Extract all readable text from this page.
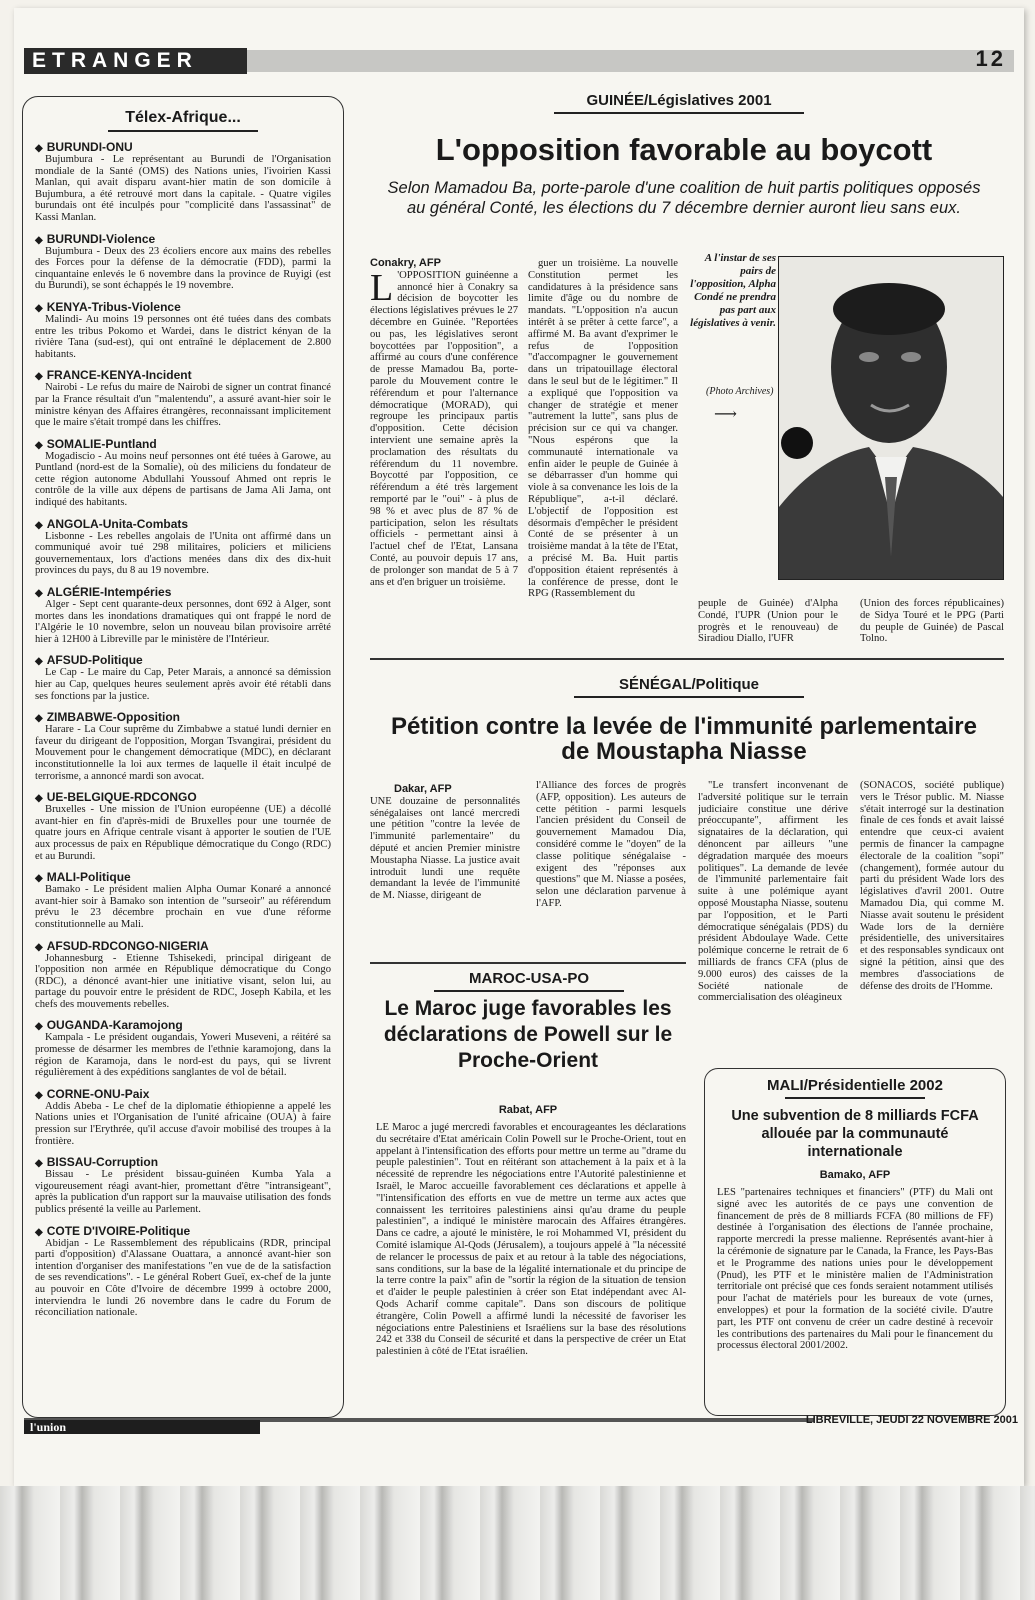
ETRANGER	12
Télex-Afrique...
◆ BURUNDI-ONU

Bujumbura - Le représentant au Burundi de l'Organisation mondiale de la Santé (OMS) des Nations unies, l'ivoirien Kassi Manlan, qui avait disparu avant-hier matin de son domicile à Bujumbura, a été retrouvé mort dans la capitale. - Quatre vigiles burundais ont été inculpés pour "complicité dans l'assassinat" de Kassi Manlan.

◆ BURUNDI-Violence

Bujumbura - Deux des 23 écoliers encore aux mains des rebelles des Forces pour la défense de la démocratie (FDD), parmi la cinquantaine enlevés le 6 novembre dans la province de Ruyigi (est du Burundi), se sont échappés le 19 novembre.

◆ KENYA-Tribus-Violence

Malindi- Au moins 19 personnes ont été tuées dans des combats entre les tribus Pokomo et Wardei, dans le district kényan de la rivière Tana (sud-est), qui ont entraîné le déplacement de 2.800 habitants.

◆ FRANCE-KENYA-Incident

Nairobi - Le refus du maire de Nairobi de signer un contrat financé par la France résultait d'un "malentendu", a assuré avant-hier soir le ministre kényan des Affaires étrangères, reconnaissant implicitement que le maire s'était trompé dans les chiffres.

◆ SOMALIE-Puntland

Mogadiscio - Au moins neuf personnes ont été tuées à Garowe, au Puntland (nord-est de la Somalie), où des miliciens du fondateur de cette région autonome Abdullahi Youssouf Ahmed ont repris le contrôle de la ville aux dépens de partisans de Jama Ali Jama, ont indiqué des habitants.

◆ ANGOLA-Unita-Combats

Lisbonne - Les rebelles angolais de l'Unita ont affirmé dans un communiqué avoir tué 298 militaires, policiers et miliciens gouvernementaux, lors d'actions menées dans dix des dix-huit provinces du pays, du 8 au 19 novembre.

◆ ALGÉRIE-Intempéries

Alger - Sept cent quarante-deux personnes, dont 692 à Alger, sont mortes dans les inondations dramatiques qui ont frappé le nord de l'Algérie le 10 novembre, selon un nouveau bilan provisoire arrêté hier à 12H00 à Libreville par le ministère de l'Intérieur.

◆ AFSUD-Politique

Le Cap - Le maire du Cap, Peter Marais, a annoncé sa démission hier au Cap, quelques heures seulement après avoir été rétabli dans ses fonctions par la justice.

◆ ZIMBABWE-Opposition

Harare - La Cour suprême du Zimbabwe a statué lundi dernier en faveur du dirigeant de l'opposition, Morgan Tsvangirai, président du Mouvement pour le changement démocratique (MDC), en déclarant inconstitutionnelle la loi aux termes de laquelle il était inculpé de terrorisme, a annoncé mardi son avocat.

◆ UE-BELGIQUE-RDCONGO

Bruxelles - Une mission de l'Union européenne (UE) a décollé avant-hier en fin d'après-midi de Bruxelles pour une tournée de quatre jours en Afrique centrale visant à apporter le soutien de l'UE aux processus de paix en République démocratique du Congo (RDC) et au Burundi.

◆ MALI-Politique

Bamako - Le président malien Alpha Oumar Konaré a annoncé avant-hier soir à Bamako son intention de "surseoir" au référendum prévu le 23 décembre prochain en vue d'une réforme constitutionnelle au Mali.

◆ AFSUD-RDCONGO-NIGERIA

Johannesburg - Etienne Tshisekedi, principal dirigeant de l'opposition non armée en République démocratique du Congo (RDC), a dénoncé avant-hier une initiative visant, selon lui, au partage du pouvoir entre le président de RDC, Joseph Kabila, et les chefs des mouvements rebelles.

◆ OUGANDA-Karamojong

Kampala - Le président ougandais, Yoweri Museveni, a réitéré sa promesse de désarmer les membres de l'ethnie karamojong, dans la région de Karamoja, dans le nord-est du pays, qui se livrent régulièrement à des expéditions sanglantes de vol de bétail.

◆ CORNE-ONU-Paix

Addis Abeba - Le chef de la diplomatie éthiopienne a appelé les Nations unies et l'Organisation de l'unité africaine (OUA) à faire pression sur l'Erythrée, qu'il accuse d'avoir mobilisé des troupes à la frontière.

◆ BISSAU-Corruption

Bissau - Le président bissau-guinéen Kumba Yala a vigoureusement réagi avant-hier, promettant d'être "intransigeant", après la publication d'un rapport sur la mauvaise utilisation des fonds publics présenté la veille au Parlement.

◆ COTE D'IVOIRE-Politique

Abidjan - Le Rassemblement des républicains (RDR, principal parti d'opposition) d'Alassane Ouattara, a annoncé avant-hier son intention d'organiser des manifestations "en vue de de la satisfaction de ses revendications". - Le général Robert Gueï, ex-chef de la junte au pouvoir en Côte d'Ivoire de décembre 1999 à octobre 2000, interviendra le lundi 26 novembre dans le cadre du Forum de réconciliation nationale.

GUINÉE/Législatives 2001
L'opposition favorable au boycott
Selon Mamadou Ba, porte-parole d'une coalition de huit partis politiques opposés au général Conté, les élections du 7 décembre dernier auront lieu sans eux.

Conakry, AFP

L 'OPPOSITION guinéenne a annoncé hier à Conakry sa décision de boycotter les élections législatives prévues le 27 décembre en Guinée. "Reportées ou pas, les législatives seront boycottées par l'opposition", a affirmé au cours d'une conférence de presse Mamadou Ba, porte-parole du Mouvement contre le référendum et pour l'alternance démocratique (MORAD), qui regroupe les principaux partis d'opposition. Cette décision intervient une semaine après la proclamation des résultats du référendum du 11 novembre. Boycotté par l'opposition, ce référendum a été très largement remporté par le "oui" - à plus de 98 % et avec plus de 87 % de participation, selon les résultats officiels - permettant ainsi à l'actuel chef de l'Etat, Lansana Conté, au pouvoir depuis 17 ans, de prolonger son mandat de 5 à 7 ans et d'en briguer un troisième.

guer un troisième. La nouvelle Constitution permet les candidatures à la présidence sans limite d'âge ou du nombre de mandats. "L'opposition n'a aucun intérêt à se prêter à cette farce", a affirmé M. Ba avant d'exprimer le refus de l'opposition "d'accompagner le gouvernement dans un tripatouillage électoral dans le seul but de le légitimer." Il a expliqué que l'opposition va changer de stratégie et mener "autrement la lutte", sans plus de précision sur ce qui va changer. "Nous espérons que la communauté internationale va enfin aider le peuple de Guinée à se débarrasser d'un homme qui viole à sa convenance les lois de la République", a-t-il déclaré. L'objectif de l'opposition est désormais d'empêcher le président Conté de se présenter à un troisième mandat à la tête de l'Etat, a précisé M. Ba. Huit partis d'opposition étaient représentés à la conférence de presse, dont le RPG (Rassemblement du

A l'instar de ses pairs de l'opposition, Alpha Condé ne prendra pas part aux législatives à venir.
(Photo Archives)
⟶

peuple de Guinée) d'Alpha Condé, l'UPR (Union pour le progrès et le renouveau) de Siradiou Diallo, l'UFR

(Union des forces républicaines) de Sidya Touré et le PPG (Parti du peuple de Guinée) de Pascal Tolno.

SÉNÉGAL/Politique
Pétition contre la levée de l'immunité parlementaire de Moustapha Niasse

Dakar, AFP

UNE douzaine de personnalités sénégalaises ont lancé mercredi une pétition "contre la levée de l'immunité parlementaire" du député et ancien Premier ministre Moustapha Niasse. La justice avait introduit lundi une requête demandant la levée de l'immunité de M. Niasse, dirigeant de

l'Alliance des forces de progrès (AFP, opposition). Les auteurs de cette pétition - parmi lesquels l'ancien président du Conseil de gouvernement Mamadou Dia, considéré comme le "doyen" de la classe politique sénégalaise - exigent des "réponses aux questions" que M. Niasse a posées, selon une déclaration parvenue à l'AFP.

"Le transfert inconvenant de l'adversité politique sur le terrain judiciaire constitue une dérive préoccupante", affirment les signataires de la déclaration, qui dénoncent par ailleurs "une dégradation marquée des moeurs politiques". La demande de levée de l'immunité parlementaire fait suite à une polémique ayant opposé Moustapha Niasse, soutenu par l'opposition, et le Parti démocratique sénégalais (PDS) du président Abdoulaye Wade. Cette polémique concerne le retrait de 6 milliards de francs CFA (plus de 9.000 euros) des caisses de la Société nationale de commercialisation des oléagineux

(SONACOS, société publique) vers le Trésor public. M. Niasse s'était interrogé sur la destination finale de ces fonds et avait laissé entendre que ceux-ci avaient permis de financer la campagne électorale de la coalition "sopi" (changement), formée autour du parti du président Wade lors des législatives d'avril 2001. Outre Mamadou Dia, qui comme M. Niasse avait soutenu le président Wade lors de la dernière présidentielle, des universitaires et des responsables syndicaux ont signé la pétition, ainsi que des membres d'associations de défense des droits de l'Homme.

MAROC-USA-PO
Le Maroc juge favorables les déclarations de Powell sur le Proche-Orient
Rabat, AFP

LE Maroc a jugé mercredi favorables et encourageantes les déclarations du secrétaire d'Etat américain Colin Powell sur le Proche-Orient, tout en appelant à l'intensification des efforts pour mettre un terme au "drame du peuple palestinien". Tout en réitérant son attachement à la paix et à la nécessité de reprendre les négociations entre l'Autorité palestinienne et Israël, le Maroc accueille favorablement ces déclarations et appelle à "l'intensification des efforts en vue de mettre un terme aux actes que connaissent les territoires palestiniens ainsi qu'au drame du peuple palestinien", a indiqué le ministère marocain des Affaires étrangères. Dans ce cadre, a ajouté le ministère, le roi Mohammed VI, président du Comité islamique Al-Qods (Jérusalem), a toujours appelé à "la nécessité de relancer le processus de paix et au retour à la table des négociations, sans conditions, sur la base de la légalité internationale et du principe de la terre contre la paix" afin de "sortir la région de la situation de tension et d'aider le peuple palestinien à créer son Etat indépendant avec Al-Qods Acharif comme capitale". Dans son discours de politique étrangère, Colin Powell a affirmé lundi la nécessité de favoriser les négociations entre Palestiniens et Israéliens sur la base des résolutions 242 et 338 du Conseil de sécurité et dans la perspective de créer un Etat palestinien à côté de l'Etat israélien.

MALI/Présidentielle 2002
Une subvention de 8 milliards FCFA allouée par la communauté internationale
Bamako, AFP

LES "partenaires techniques et financiers" (PTF) du Mali ont signé avec les autorités de ce pays une convention de financement de près de 8 milliards FCFA (80 millions de FF) destinée à l'organisation des élections de l'année prochaine, rapporte mercredi la presse malienne. Représentés avant-hier à la cérémonie de signature par le Canada, la France, les Pays-Bas et le Programme des nations unies pour le développement (Pnud), les PTF et le ministère malien de l'Administration territoriale ont précisé que ces fonds seraient notamment utilisés pour l'achat de matériels pour les bureaux de vote (urnes, enveloppes) et pour la formation de la société civile. D'autre part, les PTF ont convenu de créer un cadre destiné à recevoir les contributions des partenaires du Mali pour le financement du processus électoral 2001/2002.

l'union	LIBREVILLE, JEUDI 22 NOVEMBRE 2001
